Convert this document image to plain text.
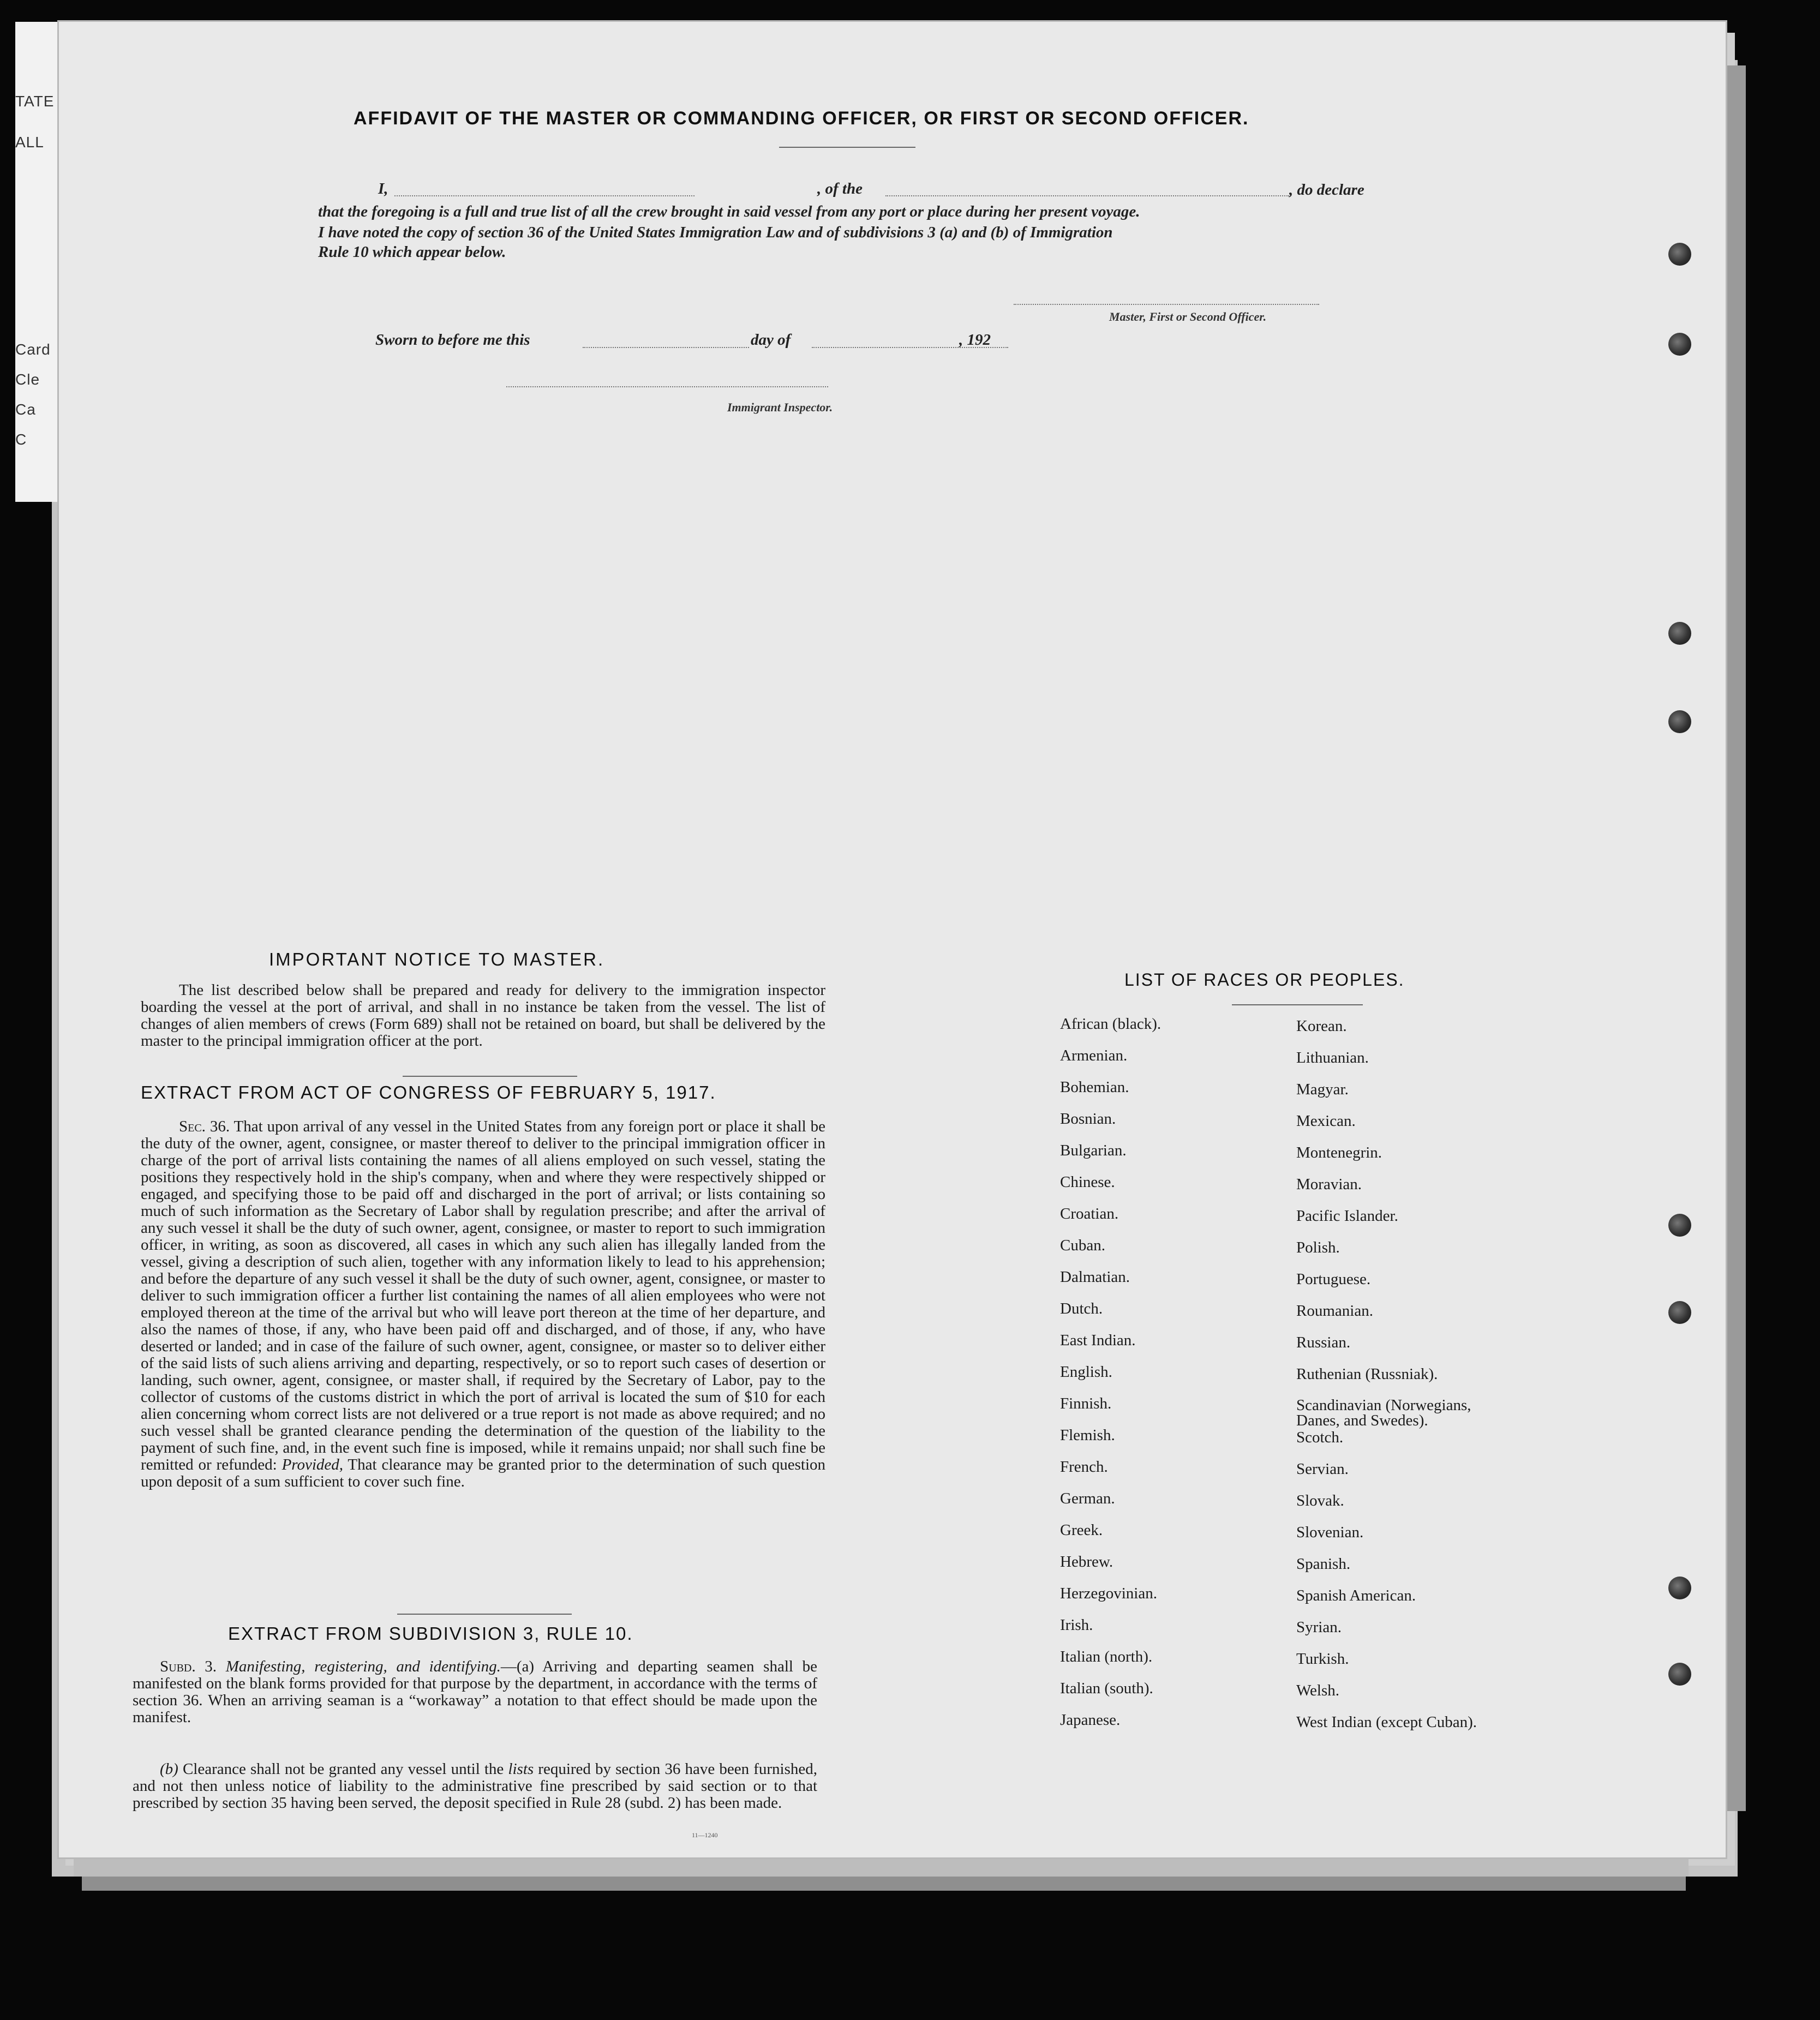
TATE
ALL
Card
Cle
Ca
C
AFFIDAVIT OF THE MASTER OR COMMANDING OFFICER, OR FIRST OR SECOND OFFICER.
I,	, of the	, do declare
that the foregoing is a full and true list of all the crew brought in said vessel from any port or place during her present voyage.
I have noted the copy of section 36 of the United States Immigration Law and of subdivisions 3 (a) and (b) of Immigration
Rule 10 which appear below.
Master, First or Second Officer.
Sworn to before me this	day of	, 192
Immigrant Inspector.
IMPORTANT NOTICE TO MASTER.
The list described below shall be prepared and ready for delivery to the immigration inspector boarding the vessel at the port of arrival, and shall in no instance be taken from the vessel. The list of changes of alien members of crews (Form 689) shall not be retained on board, but shall be delivered by the master to the principal immigration officer at the port.
EXTRACT FROM ACT OF CONGRESS OF FEBRUARY 5, 1917.
Sec. 36. That upon arrival of any vessel in the United States from any foreign port or place it shall be the duty of the owner, agent, consignee, or master thereof to deliver to the principal immigration officer in charge of the port of arrival lists containing the names of all aliens employed on such vessel, stating the positions they respectively hold in the ship's company, when and where they were respectively shipped or engaged, and specifying those to be paid off and discharged in the port of arrival; or lists containing so much of such information as the Secretary of Labor shall by regulation prescribe; and after the arrival of any such vessel it shall be the duty of such owner, agent, consignee, or master to report to such immigration officer, in writing, as soon as discovered, all cases in which any such alien has illegally landed from the vessel, giving a description of such alien, together with any information likely to lead to his apprehension; and before the departure of any such vessel it shall be the duty of such owner, agent, consignee, or master to deliver to such immigration officer a further list containing the names of all alien employees who were not employed thereon at the time of the arrival but who will leave port thereon at the time of her departure, and also the names of those, if any, who have been paid off and discharged, and of those, if any, who have deserted or landed; and in case of the failure of such owner, agent, consignee, or master so to deliver either of the said lists of such aliens arriving and departing, respectively, or so to report such cases of desertion or landing, such owner, agent, consignee, or master shall, if required by the Secretary of Labor, pay to the collector of customs of the customs district in which the port of arrival is located the sum of $10 for each alien concerning whom correct lists are not delivered or a true report is not made as above required; and no such vessel shall be granted clearance pending the determination of the question of the liability to the payment of such fine, and, in the event such fine is imposed, while it remains unpaid; nor shall such fine be remitted or refunded: Provided, That clearance may be granted prior to the determination of such question upon deposit of a sum sufficient to cover such fine.
EXTRACT FROM SUBDIVISION 3, RULE 10.
Subd. 3. Manifesting, registering, and identifying.—(a) Arriving and departing seamen shall be manifested on the blank forms provided for that purpose by the department, in accordance with the terms of section 36. When an arriving seaman is a “workaway” a notation to that effect should be made upon the manifest.
(b) Clearance shall not be granted any vessel until the lists required by section 36 have been furnished, and not then unless notice of liability to the administrative fine prescribed by said section or to that prescribed by section 35 having been served, the deposit specified in Rule 28 (subd. 2) has been made.
11—1240
LIST OF RACES OR PEOPLES.
African (black).
Armenian.
Bohemian.
Bosnian.
Bulgarian.
Chinese.
Croatian.
Cuban.
Dalmatian.
Dutch.
East Indian.
English.
Finnish.
Flemish.
French.
German.
Greek.
Hebrew.
Herzegovinian.
Irish.
Italian (north).
Italian (south).
Japanese.
Korean.
Lithuanian.
Magyar.
Mexican.
Montenegrin.
Moravian.
Pacific Islander.
Polish.
Portuguese.
Roumanian.
Russian.
Ruthenian (Russniak).
Scandinavian (Norwegians, Danes, and Swedes).
Scotch.
Servian.
Slovak.
Slovenian.
Spanish.
Spanish American.
Syrian.
Turkish.
Welsh.
West Indian (except Cuban).
